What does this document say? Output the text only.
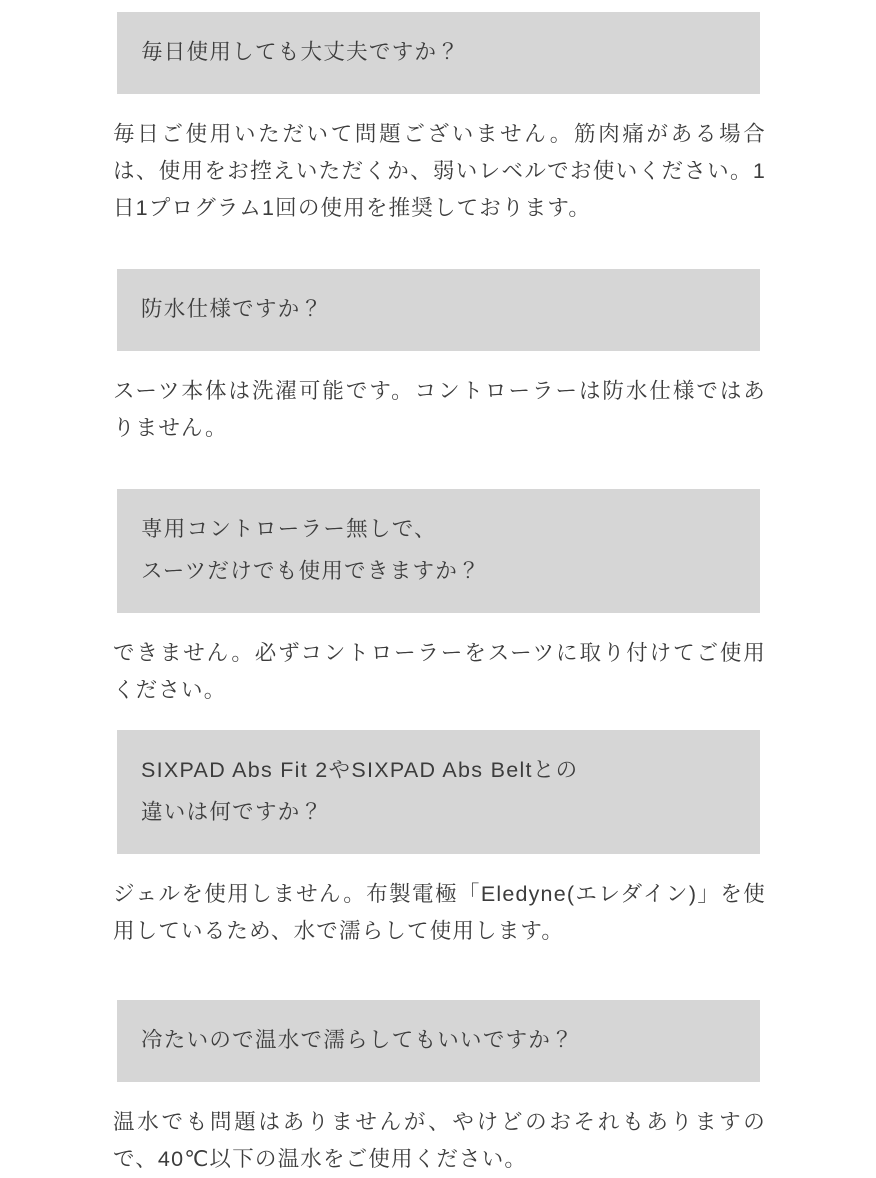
毎日使用しても大丈夫ですか？
毎日ご使用いただいて問題ございません。筋肉痛がある場合は、使用をお控えいただくか、弱いレベルでお使いください。1日1プログラム1回の使用を推奨しております。
防水仕様ですか？
スーツ本体は洗濯可能です。コントローラーは防水仕様ではありません。
専用コントローラー無しで、
スーツだけでも使用できますか？
できません。必ずコントローラーをスーツに取り付けてご使用ください。
SIXPAD Abs Fit 2やSIXPAD Abs Beltとの
違いは何ですか？
ジェルを使用しません。布製電極「Eledyne(エレダイン)」を使用しているため、水で濡らして使用します。
冷たいので温水で濡らしてもいいですか？
温水でも問題はありませんが、やけどのおそれもありますので、40℃以下の温水をご使用ください。
